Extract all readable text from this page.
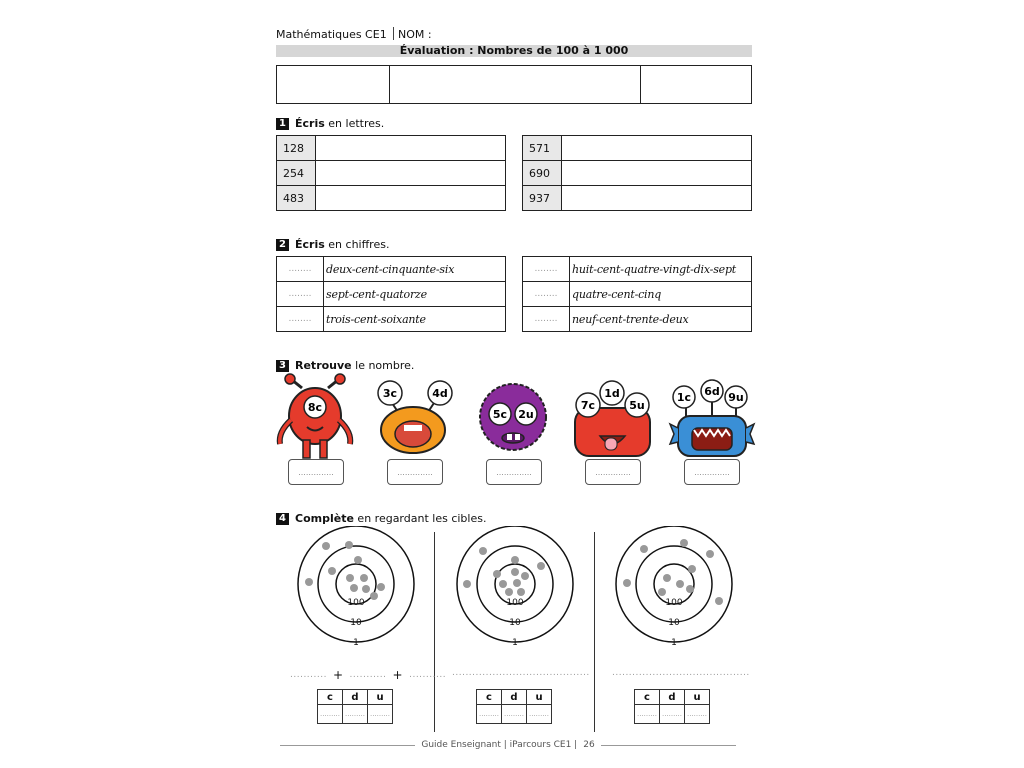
Mathématiques CE1 NOM :
Évaluation : Nombres de 100 à 1 000
1 Écris en lettres.
128	
254	
483	
571	
690	
937	
2 Écris en chiffres.
........	deux-cent-cinquante-six
........	sept-cent-quatorze
........	trois-cent-soixante
........	huit-cent-quatre-vingt-dix-sept
........	quatre-cent-cinq
........	neuf-cent-trente-deux
3 Retrouve le nombre.
8c
3c	4d
5c 2u
7c
1d
5u
1c 6d 9u
..............	..............	..............	..............	..............
4 Complète en regardant les cibles.
100
10
1
100
10
1
100
10
1
........... + ........... + ........... ......................................... .........................................
c	d	u
.........	.........	.........
c	d	u
.........	.........	.........
c	d	u
.........	.........	.........
Guide Enseignant | iParcours CE1 | 26
